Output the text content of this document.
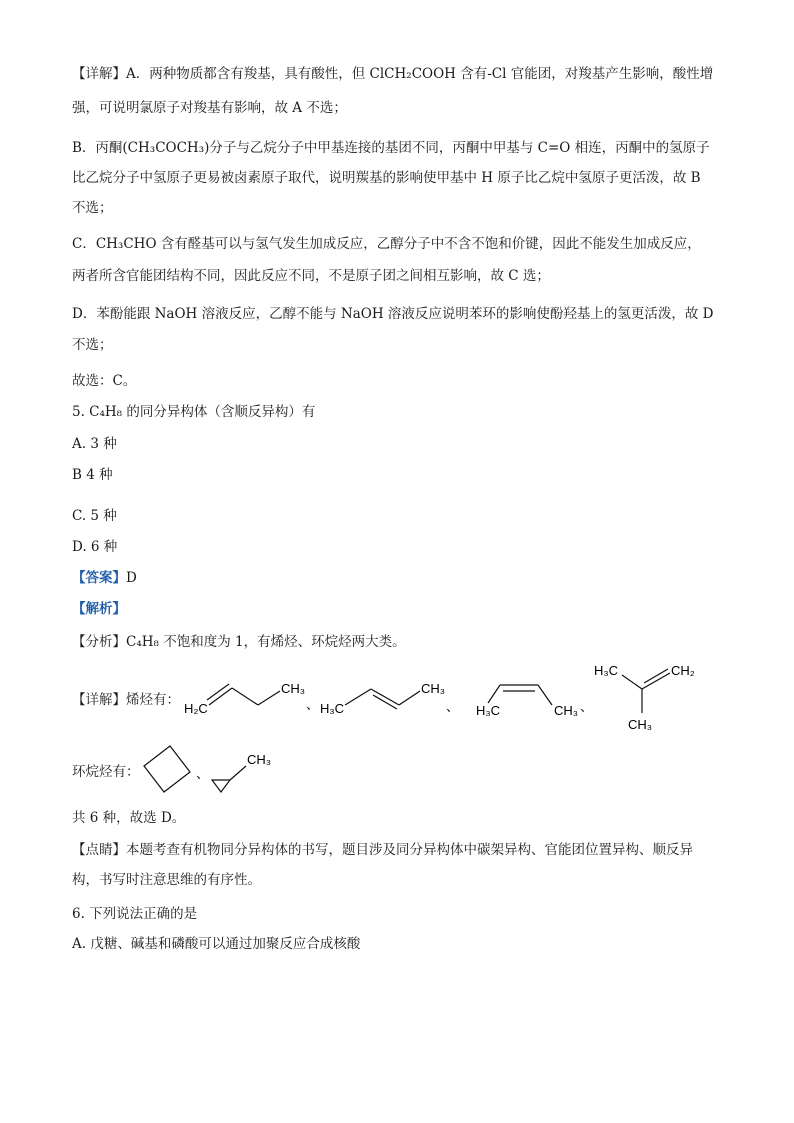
【详解】A．两种物质都含有羧基，具有酸性，但 ClCH₂COOH 含有-Cl 官能团，对羧基产生影响，酸性增
强，可说明氯原子对羧基有影响，故 A 不选；
B．丙酮(CH₃COCH₃)分子与乙烷分子中甲基连接的基团不同，丙酮中甲基与 C=O 相连，丙酮中的氢原子
比乙烷分子中氢原子更易被卤素原子取代，说明羰基的影响使甲基中 H 原子比乙烷中氢原子更活泼，故 B
不选；
C．CH₃CHO 含有醛基可以与氢气发生加成反应，乙醇分子中不含不饱和价键，因此不能发生加成反应，
两者所含官能团结构不同，因此反应不同，不是原子团之间相互影响，故 C 选；
D．苯酚能跟 NaOH 溶液反应，乙醇不能与 NaOH 溶液反应说明苯环的影响使酚羟基上的氢更活泼，故 D
不选；
故选：C。
5. C₄H₈ 的同分异构体（含顺反异构）有
A. 3 种
B 4 种
C. 5 种
D. 6 种
【答案】D
【解析】
【分析】C₄H₈ 不饱和度为 1，有烯烃、环烷烃两大类。
【详解】烯烃有：
H₂C
CH₃
、 H₃C
CH₃
、 H₃C	CH₃ 、
H₃C	CH₂
CH₃
环烷烃有：	、
CH₃
共 6 种，故选 D。
【点睛】本题考查有机物同分异构体的书写，题目涉及同分异构体中碳架异构、官能团位置异构、顺反异
构，书写时注意思维的有序性。
6. 下列说法正确的是
A. 戊糖、碱基和磷酸可以通过加聚反应合成核酸
